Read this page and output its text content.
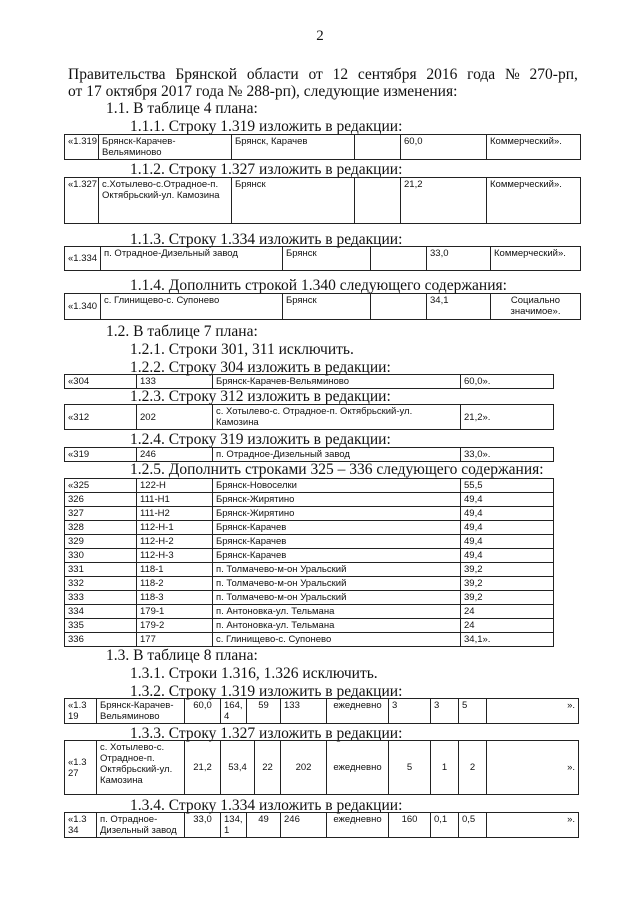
2
Правительства Брянской области от 12 сентября 2016 года № 270-рп,
от 17 октября 2017 года № 288-рп), следующие изменения:
1.1. В таблице 4 плана:
1.1.1. Строку 1.319 изложить в редакции:
«1.319	Брянск-Карачев-Вельяминово	Брянск, Карачев		60,0	Коммерческий».
1.1.2. Строку 1.327 изложить в редакции:
«1.327	с.Хотылево-с.Отрадное-п. Октябрьский-ул. Камозина	Брянск		21,2	Коммерческий».
1.1.3. Строку 1.334 изложить в редакции:
«1.334	п. Отрадное-Дизельный завод	Брянск		33,0	Коммерческий».
1.1.4. Дополнить строкой 1.340 следующего содержания:
«1.340	с. Глинищево-с. Супонево	Брянск		34,1	Социально значимое».
1.2. В таблице 7 плана:
1.2.1. Строки 301, 311 исключить.
1.2.2. Строку 304 изложить в редакции:
«304	133	Брянск-Карачев-Вельяминово	60,0».
1.2.3. Строку 312 изложить в редакции:
«312	202	с. Хотылево-с. Отрадное-п. Октябрьский-ул. Камозина	21,2».
1.2.4. Строку 319 изложить в редакции:
«319	246	п. Отрадное-Дизельный завод	33,0».
1.2.5. Дополнить строками 325 – 336 следующего содержания:
«325	122-Н	Брянск-Новоселки	55,5
326	111-Н1	Брянск-Жирятино	49,4
327	111-Н2	Брянск-Жирятино	49,4
328	112-Н-1	Брянск-Карачев	49,4
329	112-Н-2	Брянск-Карачев	49,4
330	112-Н-3	Брянск-Карачев	49,4
331	118-1	п. Толмачево-м-он Уральский	39,2
332	118-2	п. Толмачево-м-он Уральский	39,2
333	118-3	п. Толмачево-м-он Уральский	39,2
334	179-1	п. Антоновка-ул. Тельмана	24
335	179-2	п. Антоновка-ул. Тельмана	24
336	177	с. Глинищево-с. Супонево	34,1».
1.3. В таблице 8 плана:
1.3.1. Строки 1.316, 1.326 исключить.
1.3.2. Строку 1.319 изложить в редакции:
«1.3 19	Брянск-Карачев-Вельяминово	60,0	164, 4	59	133	ежедневно	3	3	5	».
1.3.3. Строку 1.327 изложить в редакции:
«1.3 27	с. Хотылево-с. Отрадное-п. Октябрьский-ул. Камозина	21,2	53,4	22	202	ежедневно	5	1	2	».
1.3.4. Строку 1.334 изложить в редакции:
«1.3 34	п. Отрадное-Дизельный завод	33,0	134, 1	49	246	ежедневно	160	0,1	0,5	».
